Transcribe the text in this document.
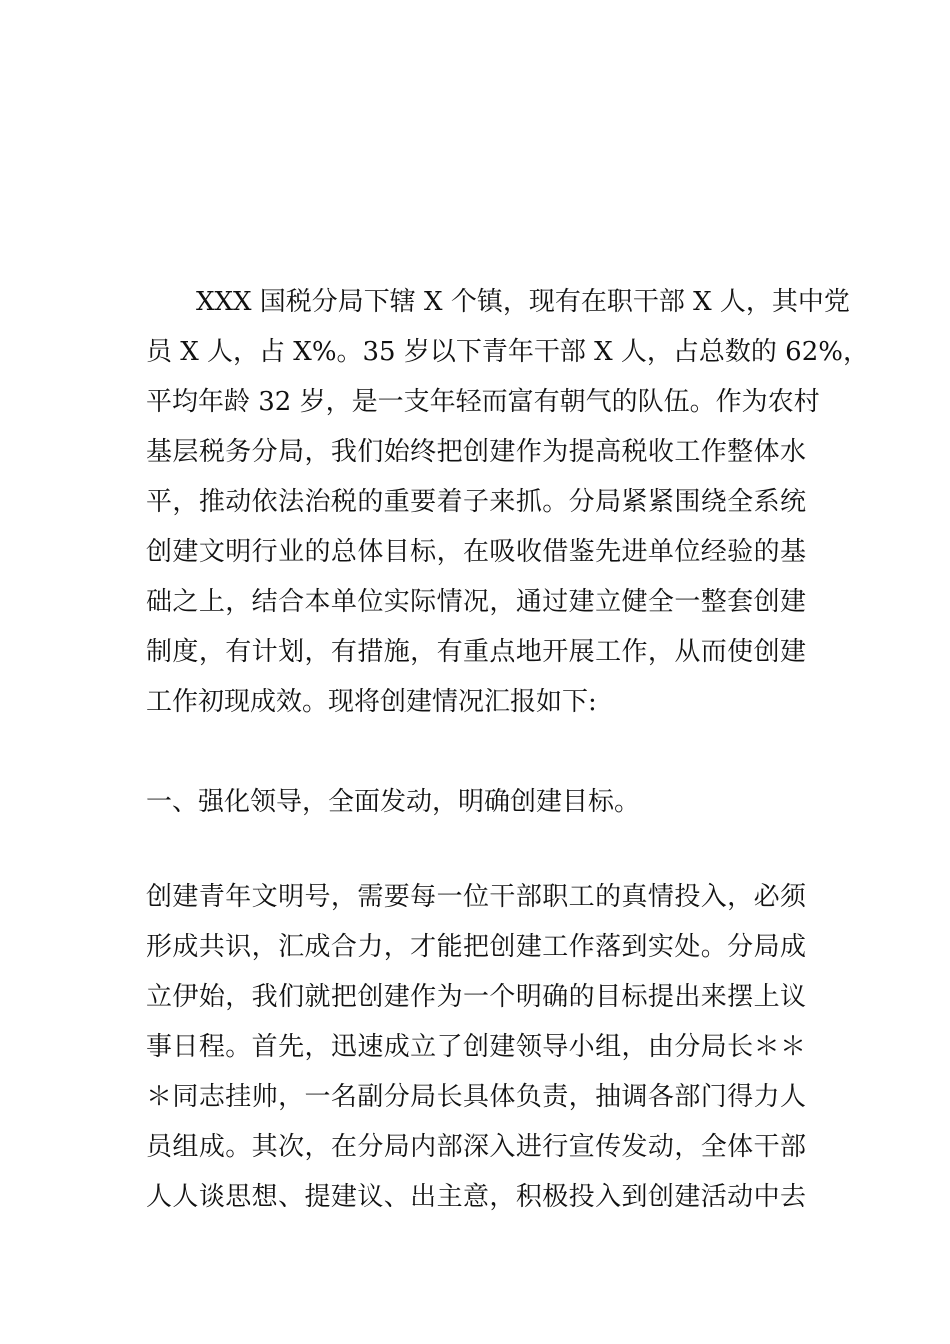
XXX 国税分局下辖 X 个镇，现有在职干部 X 人，其中党
员 X 人，占 X%。35 岁以下青年干部 X 人，占总数的 62%，
平均年龄 32 岁，是一支年轻而富有朝气的队伍。作为农村
基层税务分局，我们始终把创建作为提高税收工作整体水
平，推动依法治税的重要着子来抓。分局紧紧围绕全系统
创建文明行业的总体目标，在吸收借鉴先进单位经验的基
础之上，结合本单位实际情况，通过建立健全一整套创建
制度，有计划，有措施，有重点地开展工作，从而使创建
工作初现成效。现将创建情况汇报如下:
一、强化领导，全面发动，明确创建目标。
创建青年文明号，需要每一位干部职工的真情投入，必须
形成共识，汇成合力，才能把创建工作落到实处。分局成
立伊始，我们就把创建作为一个明确的目标提出来摆上议
事日程。首先，迅速成立了创建领导小组，由分局长＊＊
＊同志挂帅，一名副分局长具体负责，抽调各部门得力人
员组成。其次，在分局内部深入进行宣传发动，全体干部
人人谈思想、提建议、出主意，积极投入到创建活动中去
